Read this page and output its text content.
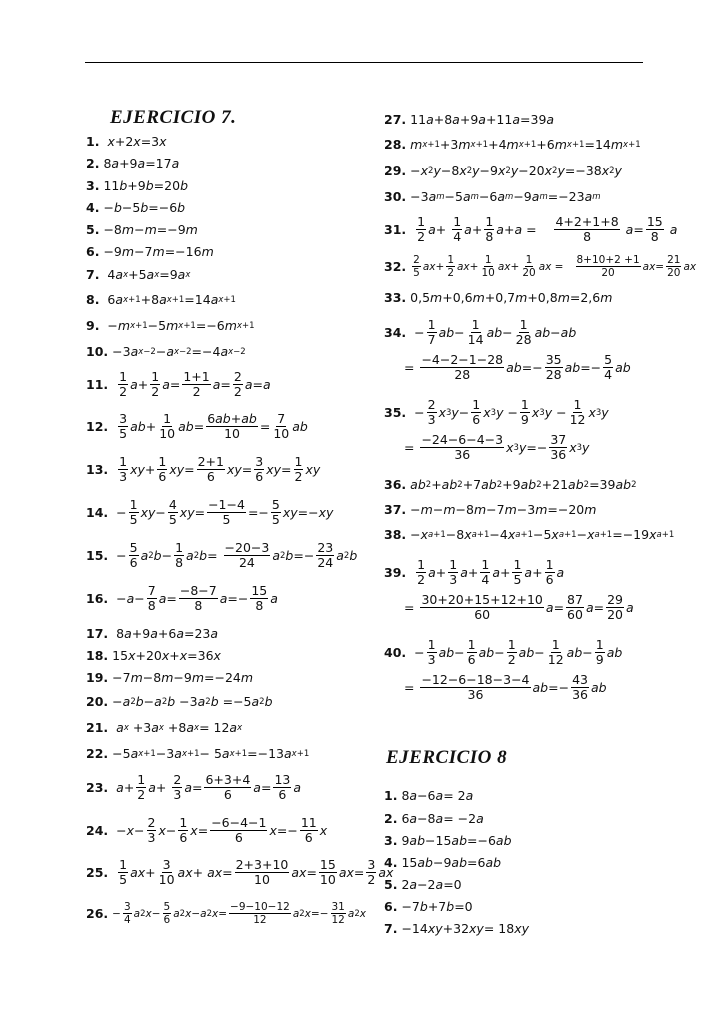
EJERCICIO 7.
EJERCICIO 8
1.
x +2 x =3 x
2. 8 a +9 a =17 a
3. 11 b +9 b =20 b
4. − b −5 b =−6 b
5. −8 m − m =−9 m
6. −9 m −7 m =−16 m
7. 4 a x +5 a x =9 a x
8. 6 a x+1 +8 a x+1 =14 a x+1
9. − m x+1 −5 m x+1 =−6 m x+1
10. −3 a x−2 − a x−2 =−4 a x−2
11.
$\frac{1}{2}$ $a + \frac{1}{2}$ $a = \frac{1+1}{2}$ $a = \frac{2}{2}$ a = a
12.
$\frac{3}{5}$ ab + $\frac{1}{10}$ ab = $\frac{6ab+ab}{10} = \frac{7}{10}$ ab
13.
$\frac{1}{3}$ xy + $\frac{1}{6}$ xy = $\frac{2+1}{6}$ xy = $\frac{3}{6}$ xy = $\frac{1}{2}$ xy
14. − $\frac{1}{5}$ xy − $\frac{4}{5}$ xy = $\frac{-1-4}{5} =- \frac{5}{5}$ xy =− xy
15. − $\frac{5}{6}$ a 2 $b - \frac{1}{8}$ a 2 $b = \frac{-20-3}{24}$ a 2 $b =- \frac{23}{24}$ a 2 b
16. − $a - \frac{7}{8}$ $a = \frac{-8-7}{8}$ $a =- \frac{15}{8}$ a
17. 8 a +9 a +6 a =23 a
18. 15 x +20 x + x =36 x
19. −7 m −8 m −9 m =−24 m
20. − a 2 b − a 2 b −3 a 2 b =−5 a 2 b
21.
a x +3 a x +8 a x = 12 a x
22. −5 a x+1 −3 a x+1 − 5 a x+1 =−13 a x+1
23.
$a + \frac{1}{2}$ $a + \frac{2}{3}$ $a = \frac{6+3+4}{6}$ $a = \frac{13}{6}$ a
24. − $x - \frac{2}{3}$ $x - \frac{1}{6}$ $x = \frac{-6-4-1}{6}$ $x =- \frac{11}{6}$ x
25.
$\frac{1}{5}$ ax + $\frac{3}{10}$ ax + ax = $\frac{2+3+10}{10}$ ax = $\frac{15}{10}$ ax = $\frac{3}{2}$ ax
26. − $\frac{3}{4}$ a 2 $x - \frac{5}{6}$ a 2 x − a 2 $x = \frac{-9-10-12}{12}$ a 2 $x =- \frac{31}{12}$ a 2 x
27. 11 a +8 a +9 a +11 a =39 a
28. m x+1 +3 m x+1 +4 m x+1 +6 m x+1 =14 m x+1
29. − x 2 y −8 x 2 y −9 x 2 y −20 x 2 y =−38 x 2 y
30. −3 a m −5 a m −6 a m −9 a m =−23 a m
31.
$\frac{1}{2}$ $a + \frac{1}{4}$ $a + \frac{1}{8}$ $a + a = \frac{4+2+1+8}{8}$
$a = \frac{15}{8}$
a
32. $\frac{2}{5}$ ax + $\frac{1}{2}$ ax + $\frac{1}{10}$ ax + $\frac{1}{20}$ ax = $\frac{8+10+2 +1}{20}$ ax = $\frac{21}{20}$ ax
33. 0,5 m +0,6 m +0,7 m +0,8 m =2,6 m
34. − $\frac{1}{7}$ ab − $\frac{1}{14}$ ab − $\frac{1}{28}$ ab − ab
= $\frac{-4-2-1-28}{28}$ ab =− $\frac{35}{28}$ ab =− $\frac{5}{4}$ ab
35. − $\frac{2}{3}$ x 3 $y - \frac{1}{6}$ x 3 $y - \frac{1}{9}$ x 3 $y - \frac{1}{12}$ x 3 y
= $\frac{-24-6-4-3}{36}$ x 3 $y =- \frac{37}{36}$ x 3 y
36. ab 2 + ab 2 +7 ab 2 +9 ab 2 +21 ab 2 =39 ab 2
37. − m − m −8 m −7 m −3 m =−20 m
38. − x a+1 −8 x a+1 −4 x a+1 −5 x a+1 − x a+1 =−19 x a+1
39.
$\frac{1}{2}$ $a + \frac{1}{3}$ $a + \frac{1}{4}$ $a + \frac{1}{5}$ $a + \frac{1}{6}$ a
= $\frac{30+20+15+12+10}{60}$ $a = \frac{87}{60}$ $a = \frac{29}{20}$ a
40. − $\frac{1}{3}$ ab − $\frac{1}{6}$ ab − $\frac{1}{2}$ ab − $\frac{1}{12}$ ab − $\frac{1}{9}$ ab
= $\frac{-12-6-18-3-4}{36}$ ab =− $\frac{43}{36}$ ab
1. 8 a −6 a = 2 a
2. 6 a −8 a = −2 a
3. 9 ab −15 ab =−6 ab
4. 15 ab −9 ab =6 ab
5. 2 a −2 a =0
6. −7 b +7 b =0
7. −14 xy +32 xy = 18 xy
